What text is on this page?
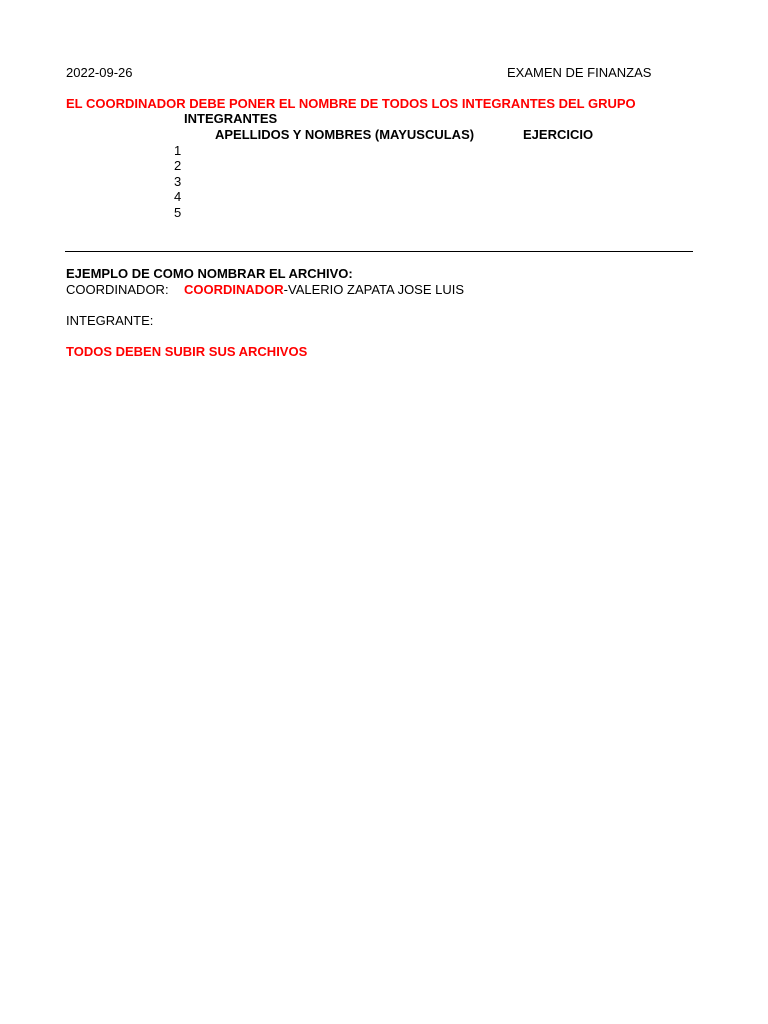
2022-09-26	EXAMEN DE FINANZAS
EL COORDINADOR DEBE PONER EL NOMBRE DE TODOS LOS INTEGRANTES DEL GRUPO
INTEGRANTES
APELLIDOS Y NOMBRES (MAYUSCULAS)	EJERCICIO
1
2
3
4
5
EJEMPLO DE COMO NOMBRAR EL ARCHIVO:
COORDINADOR: COORDINADOR-VALERIO ZAPATA JOSE LUIS
INTEGRANTE:
TODOS DEBEN SUBIR SUS ARCHIVOS
